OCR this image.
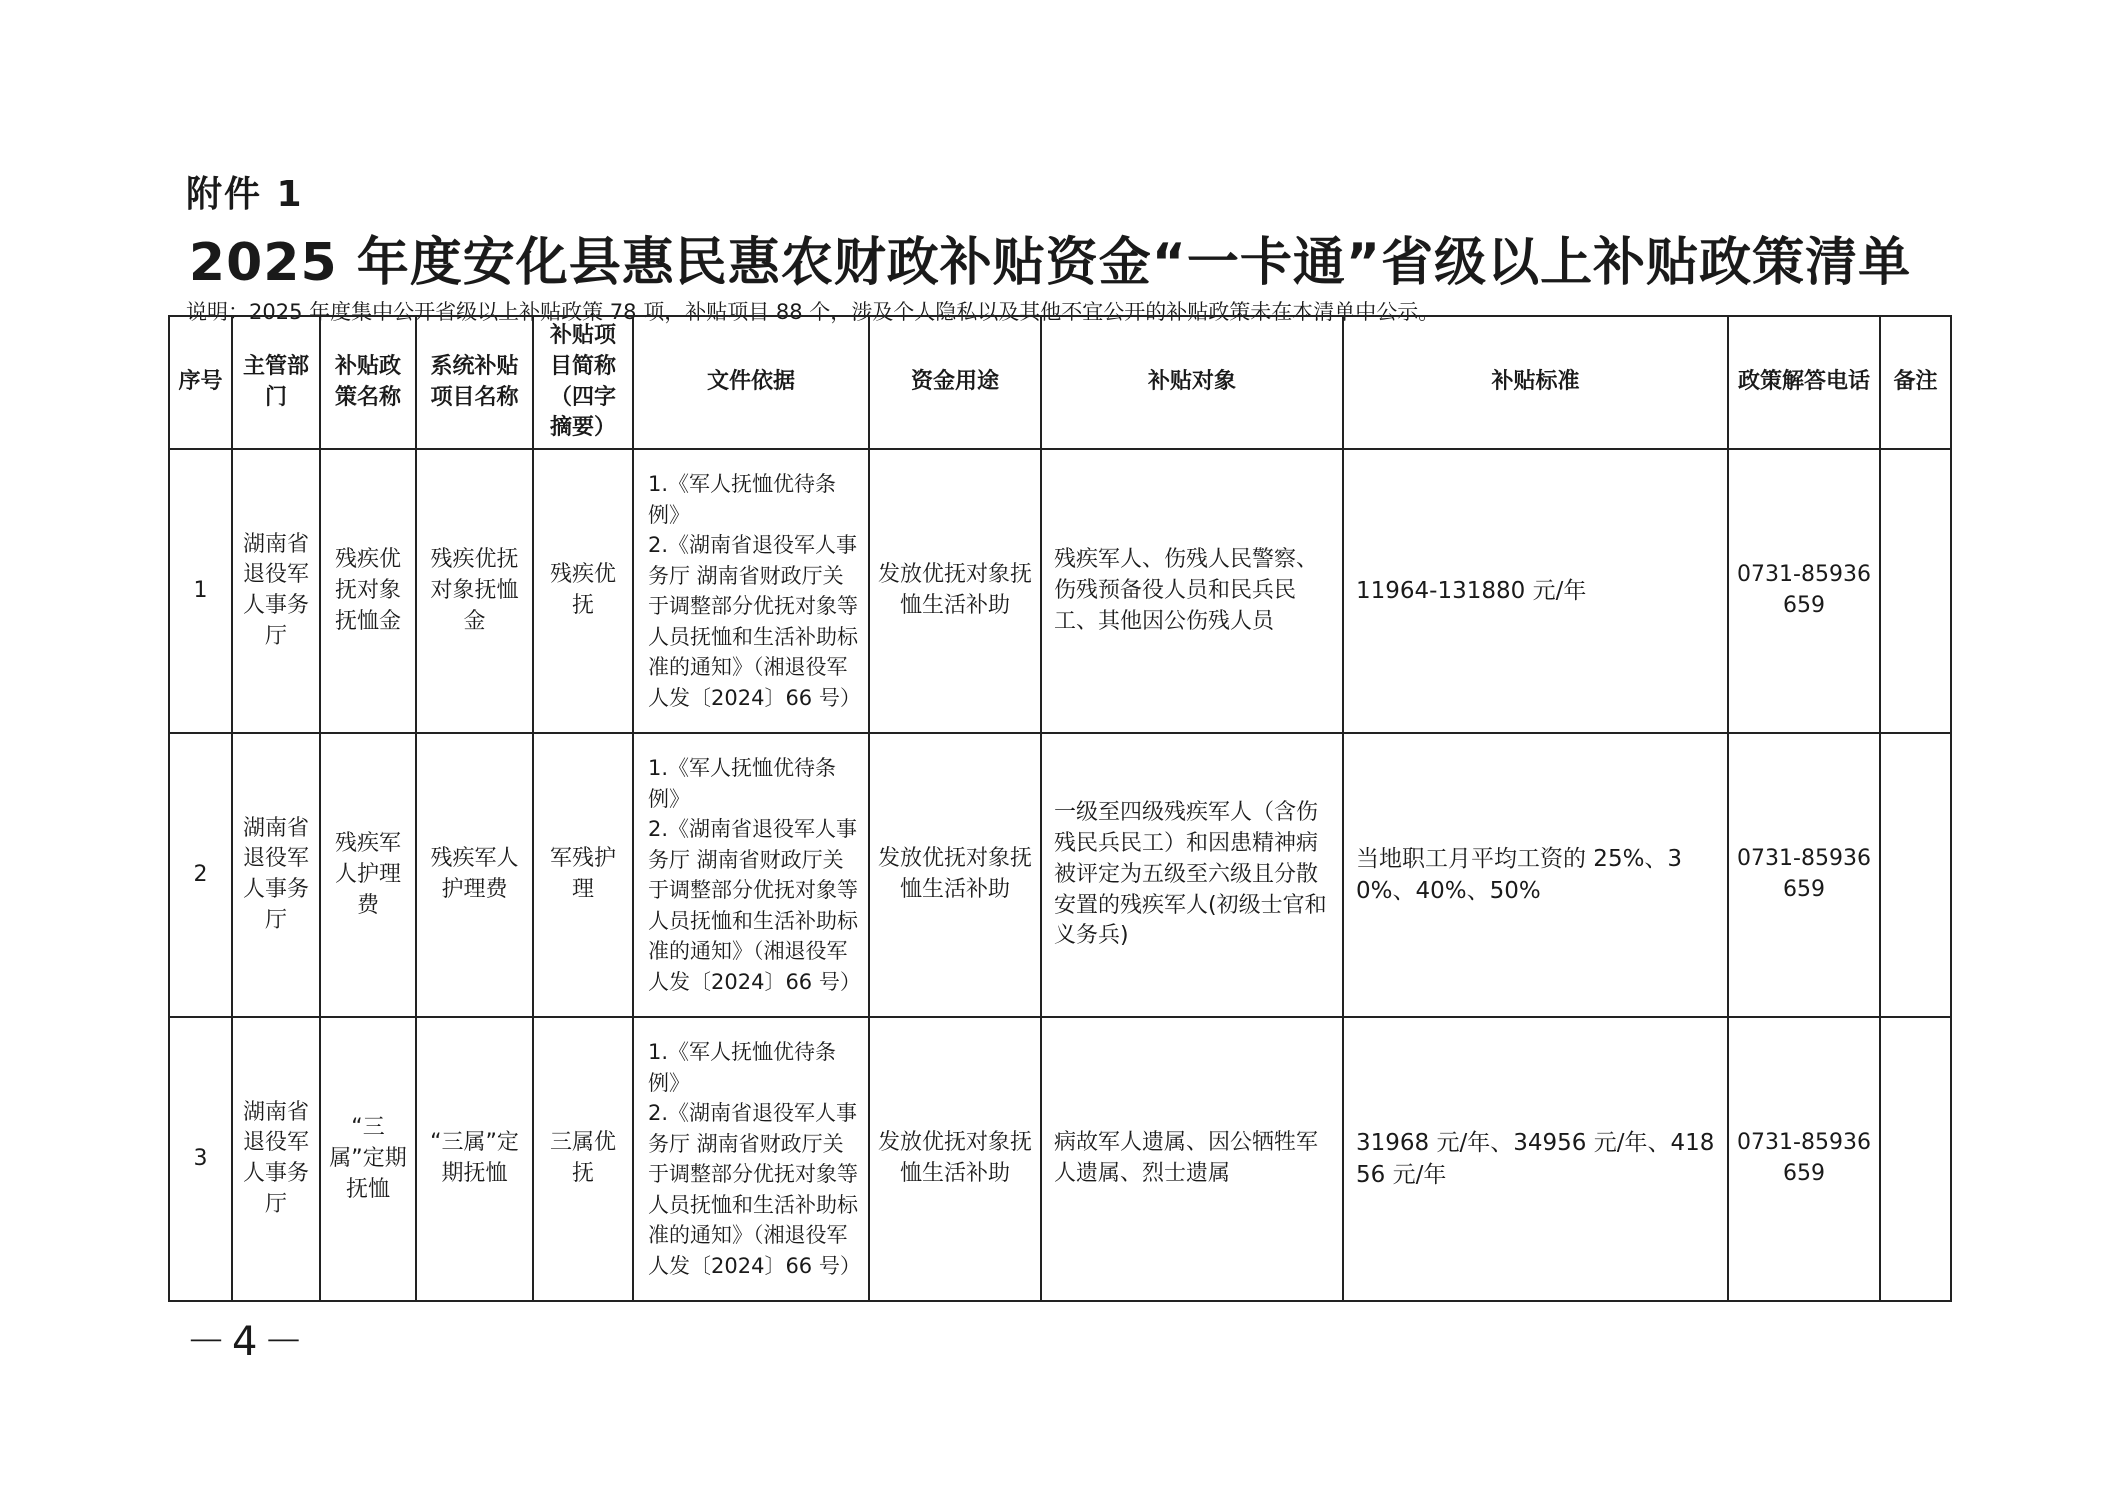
附件 1
2025 年度安化县惠民惠农财政补贴资金“一卡通”省级以上补贴政策清单
说明：2025 年度集中公开省级以上补贴政策 78 项，补贴项目 88 个，涉及个人隐私以及其他不宜公开的补贴政策未在本清单中公示。
序号	主管部门	补贴政策名称	系统补贴项目名称	补贴项目简称（四字摘要）	文件依据	资金用途	补贴对象	补贴标准	政策解答电话	备注
1	湖南省退役军人事务厅	残疾优抚对象抚恤金	残疾优抚对象抚恤金	残疾优抚	1.《军人抚恤优待条例》
2.《湖南省退役军人事务厅 湖南省财政厅关于调整部分优抚对象等人员抚恤和生活补助标准的通知》（湘退役军人发〔2024〕66 号）	发放优抚对象抚恤生活补助	残疾军人、伤残人民警察、伤残预备役人员和民兵民工、其他因公伤残人员	11964-131880 元/年	0731-85936659	
2	湖南省退役军人事务厅	残疾军人护理费	残疾军人护理费	军残护理	1.《军人抚恤优待条例》
2.《湖南省退役军人事务厅 湖南省财政厅关于调整部分优抚对象等人员抚恤和生活补助标准的通知》（湘退役军人发〔2024〕66 号）	发放优抚对象抚恤生活补助	一级至四级残疾军人（含伤残民兵民工）和因患精神病被评定为五级至六级且分散安置的残疾军人(初级士官和义务兵)	当地职工月平均工资的 25%、30%、40%、50%	0731-85936659	
3	湖南省退役军人事务厅	“三属”定期抚恤	“三属”定期抚恤	三属优抚	1.《军人抚恤优待条例》
2.《湖南省退役军人事务厅 湖南省财政厅关于调整部分优抚对象等人员抚恤和生活补助标准的通知》（湘退役军人发〔2024〕66 号）	发放优抚对象抚恤生活补助	病故军人遗属、因公牺牲军人遗属、烈士遗属	31968 元/年、34956 元/年、41856 元/年	0731-85936659	
－4－
